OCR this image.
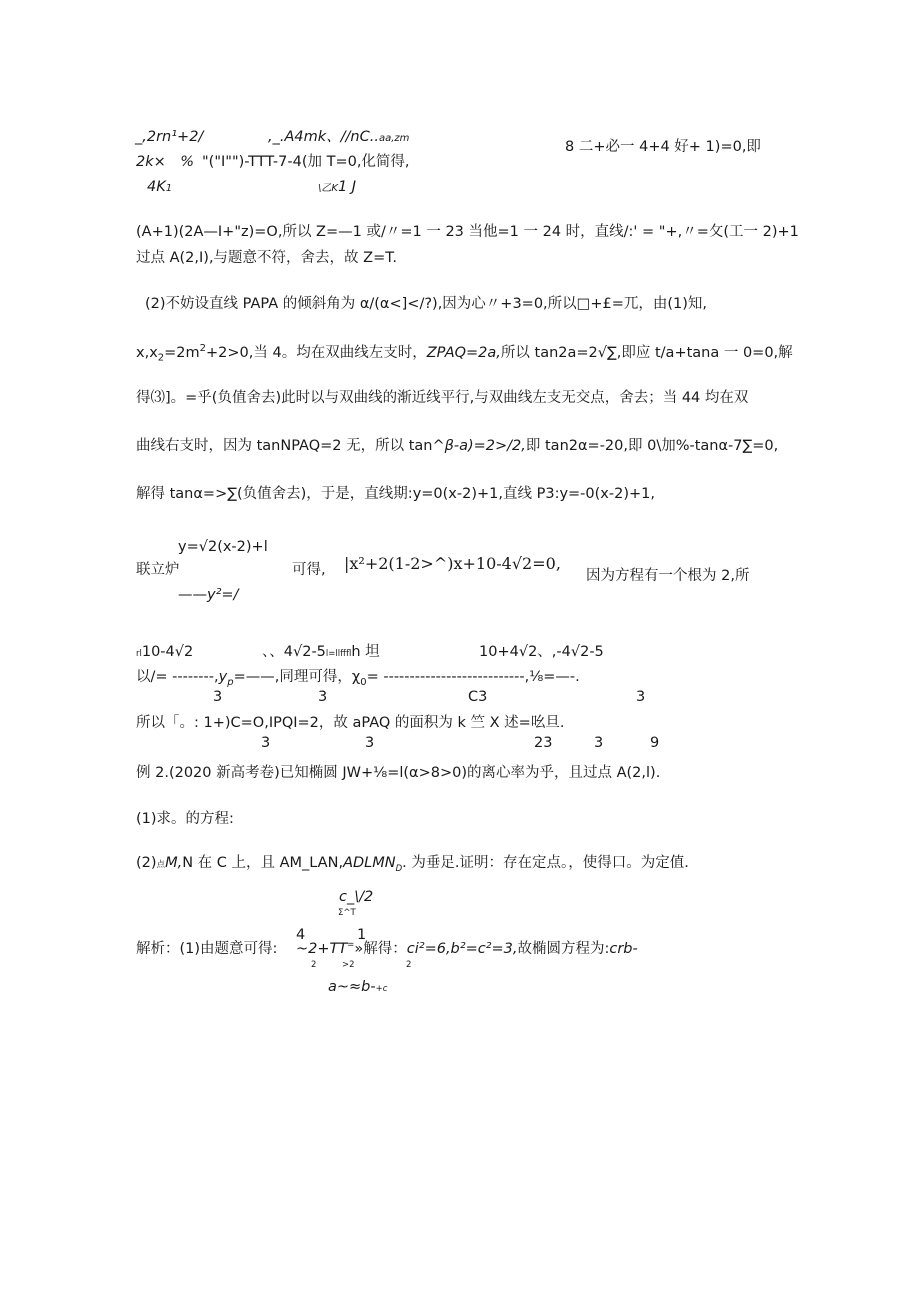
_,2rn¹+2/	,_.A4mk、//nC..aa,zm
2k×　% "("I"")-TTT-7-4(加 T=0,化简得,
4K1	\乙K1 J
8 二+必一 4+4 好+ 1)=0,即
(A+1)(2A—I+"z)=O,所以 Z=—1 或/〃=1 一 23 当他=1 一 24 时，直线/:' = "+,〃=攵(工一 2)+1
过点 A(2,I),与题意不符，舍去，故 Z=T.
(2)不妨设直线 PAPA 的倾斜角为 α/(α<]</?),因为心〃+3=0,所以□+£=兀，由(1)知,
$x,x_2=2m^2+2>0$,当 4。均在双曲线左支时，ZPAQ=2a,所以 tan2a=2√∑,即应 t/a+tana 一 0=0,解
得⑶]。=乎(负值舍去)此时以与双曲线的渐近线平行,与双曲线左支无交点，舍去；当 44 均在双
曲线右支时，因为 tanNPAQ=2 无，所以 tan^β-a)=2>/2,即 tan2α=-20,即 0\加%-tanα-7∑=0,
解得 tanα=>∑(负值舍去)，于是，直线期:y=0(x-2)+1,直线 P3:y=-0(x-2)+1,
y=√2(x-2)+l
联立炉
——y²=/
可得, |x²+2(1-2>^)x+10-4√2=0,
因为方程有一个根为 2,所
rl10-4√2	、、4√2-5l=llffflh 坦	10+4√2、,-4√2-5
以/= $--------,y_p=——$,同理可得，$\chi_0=$ ---------------------------,⅛=—-.
3	3	C3	3
所以「。: 1+)C=O,IPQI=2，故 aPAQ 的面积为 k 竺 X 述=吆旦.
3	3	23	3	9
例 2.(2020 新高考卷)已知椭圆 JW+⅛=l(α>8>0)的离心率为乎，且过点 A(2,l).
(1)求。的方程:
(2)点M,N 在 C 上，且 $AM\_LAN,ADLMN_D$. 为垂足.证明：存在定点。，使得口。为定值.
c_\/2
Σ^T
4	1
解析：(1)由题意可得: ~2+TT=»解得：ci²=6,b²=c²=3,故椭圆方程为:crb-
2	>2	2
a~≈b-+c
